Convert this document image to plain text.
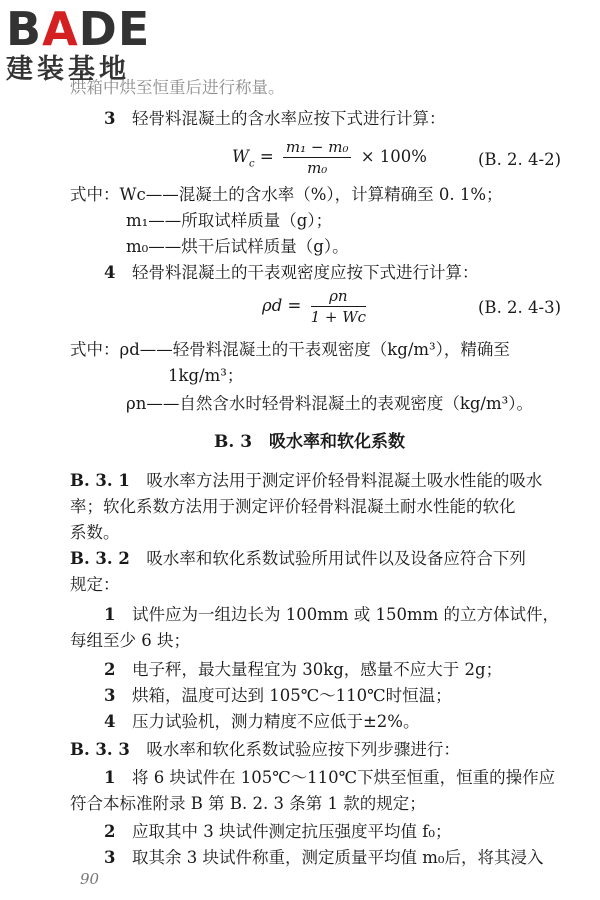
BADE
建装基地
烘箱中烘至恒重后进行称量。
3　 轻骨料混凝土的含水率应按下式进行计算：
$W_c = \frac{\text{m₁ − m₀}}{\text{m₀}} \times 100\%$	(B. 2. 4-2)
式中：Wc——混凝土的含水率（%），计算精确至 0. 1%；
m₁——所取试样质量（g）；
m₀——烘干后试样质量（g）。
4　 轻骨料混凝土的干表观密度应按下式进行计算：
$\rho d = \frac{\rho n}{1 + Wc}$	(B. 2. 4-3)
式中：ρd——轻骨料混凝土的干表观密度（kg/m³），精确至
1kg/m³；
ρn——自然含水时轻骨料混凝土的表观密度（kg/m³）。
B. 3　吸水率和软化系数
B. 3. 1　 吸水率方法用于测定评价轻骨料混凝土吸水性能的吸水
率；软化系数方法用于测定评价轻骨料混凝土耐水性能的软化
系数。
B. 3. 2　 吸水率和软化系数试验所用试件以及设备应符合下列
规定：
1　 试件应为一组边长为 100mm 或 150mm 的立方体试件，
每组至少 6 块；
2　 电子秤，最大量程宜为 30kg，感量不应大于 2g；
3　 烘箱，温度可达到 105℃～110℃时恒温；
4　 压力试验机，测力精度不应低于±2%。
B. 3. 3　 吸水率和软化系数试验应按下列步骤进行：
1　 将 6 块试件在 105℃～110℃下烘至恒重，恒重的操作应
符合本标准附录 B 第 B. 2. 3 条第 1 款的规定；
2　 应取其中 3 块试件测定抗压强度平均值 f₀；
3　 取其余 3 块试件称重，测定质量平均值 m₀后，将其浸入
90
